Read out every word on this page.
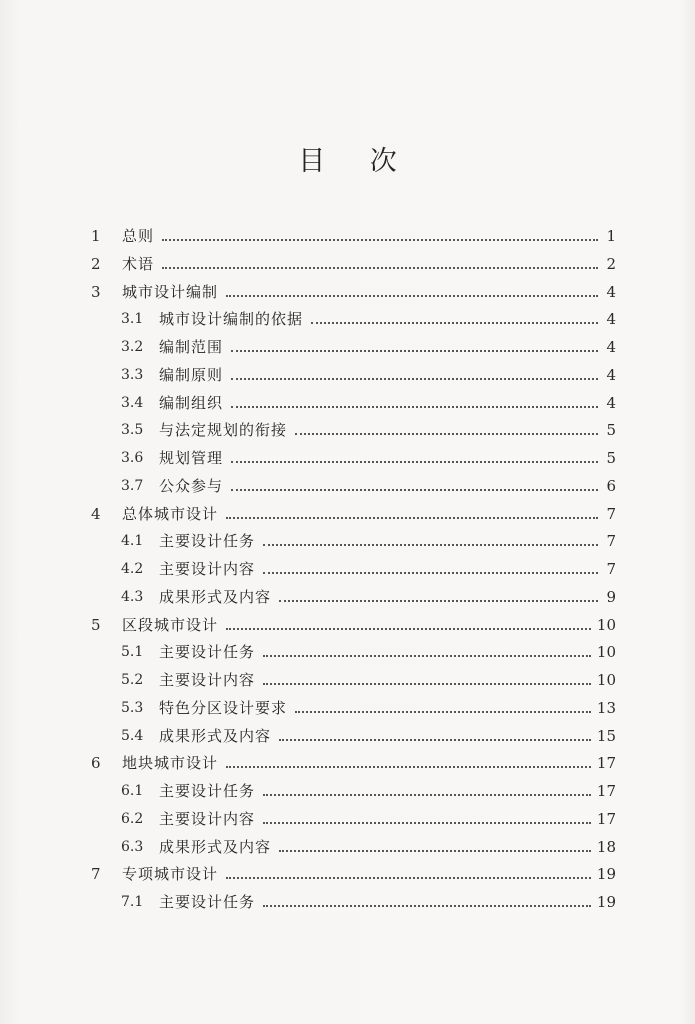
目 次
1	总则	1
2	术语	2
3	城市设计编制	4
3.1	城市设计编制的依据	4
3.2	编制范围	4
3.3	编制原则	4
3.4	编制组织	4
3.5	与法定规划的衔接	5
3.6	规划管理	5
3.7	公众参与	6
4	总体城市设计	7
4.1	主要设计任务	7
4.2	主要设计内容	7
4.3	成果形式及内容	9
5	区段城市设计	10
5.1	主要设计任务	10
5.2	主要设计内容	10
5.3	特色分区设计要求	13
5.4	成果形式及内容	15
6	地块城市设计	17
6.1	主要设计任务	17
6.2	主要设计内容	17
6.3	成果形式及内容	18
7	专项城市设计	19
7.1	主要设计任务	19
